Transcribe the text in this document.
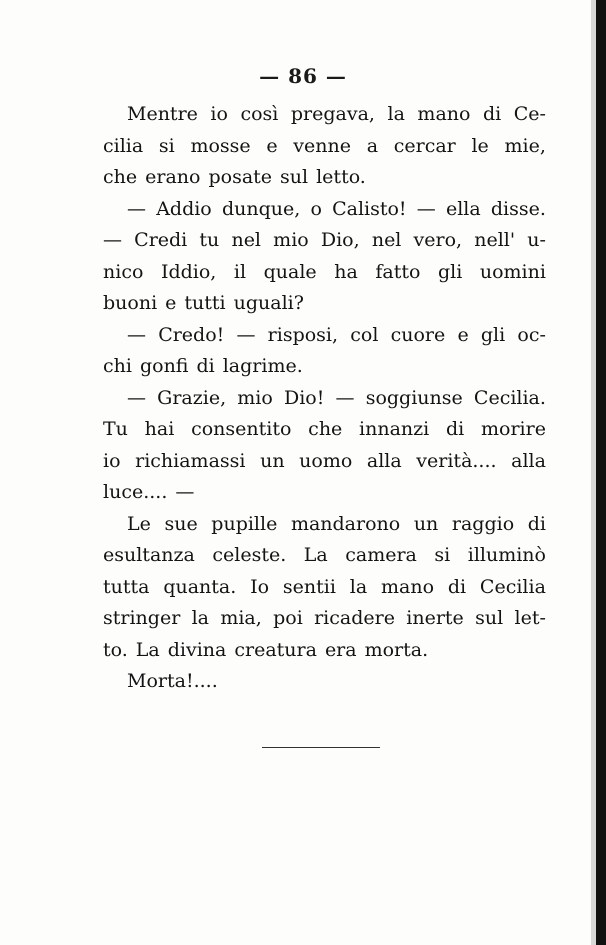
— 86 —
Mentre io così pregava, la mano di Ce-
cilia si mosse e venne a cercar le mie,
che erano posate sul letto.
— Addio dunque, o Calisto! — ella disse.
— Credi tu nel mio Dio, nel vero, nell' u-
nico Iddio, il quale ha fatto gli uomini
buoni e tutti uguali?
— Credo! — risposi, col cuore e gli oc-
chi gonfi di lagrime.
— Grazie, mio Dio! — soggiunse Cecilia.
Tu hai consentito che innanzi di morire
io richiamassi un uomo alla verità.... alla
luce.... —
Le sue pupille mandarono un raggio di
esultanza celeste. La camera si illuminò
tutta quanta. Io sentii la mano di Cecilia
stringer la mia, poi ricadere inerte sul let-
to. La divina creatura era morta.
Morta!....
